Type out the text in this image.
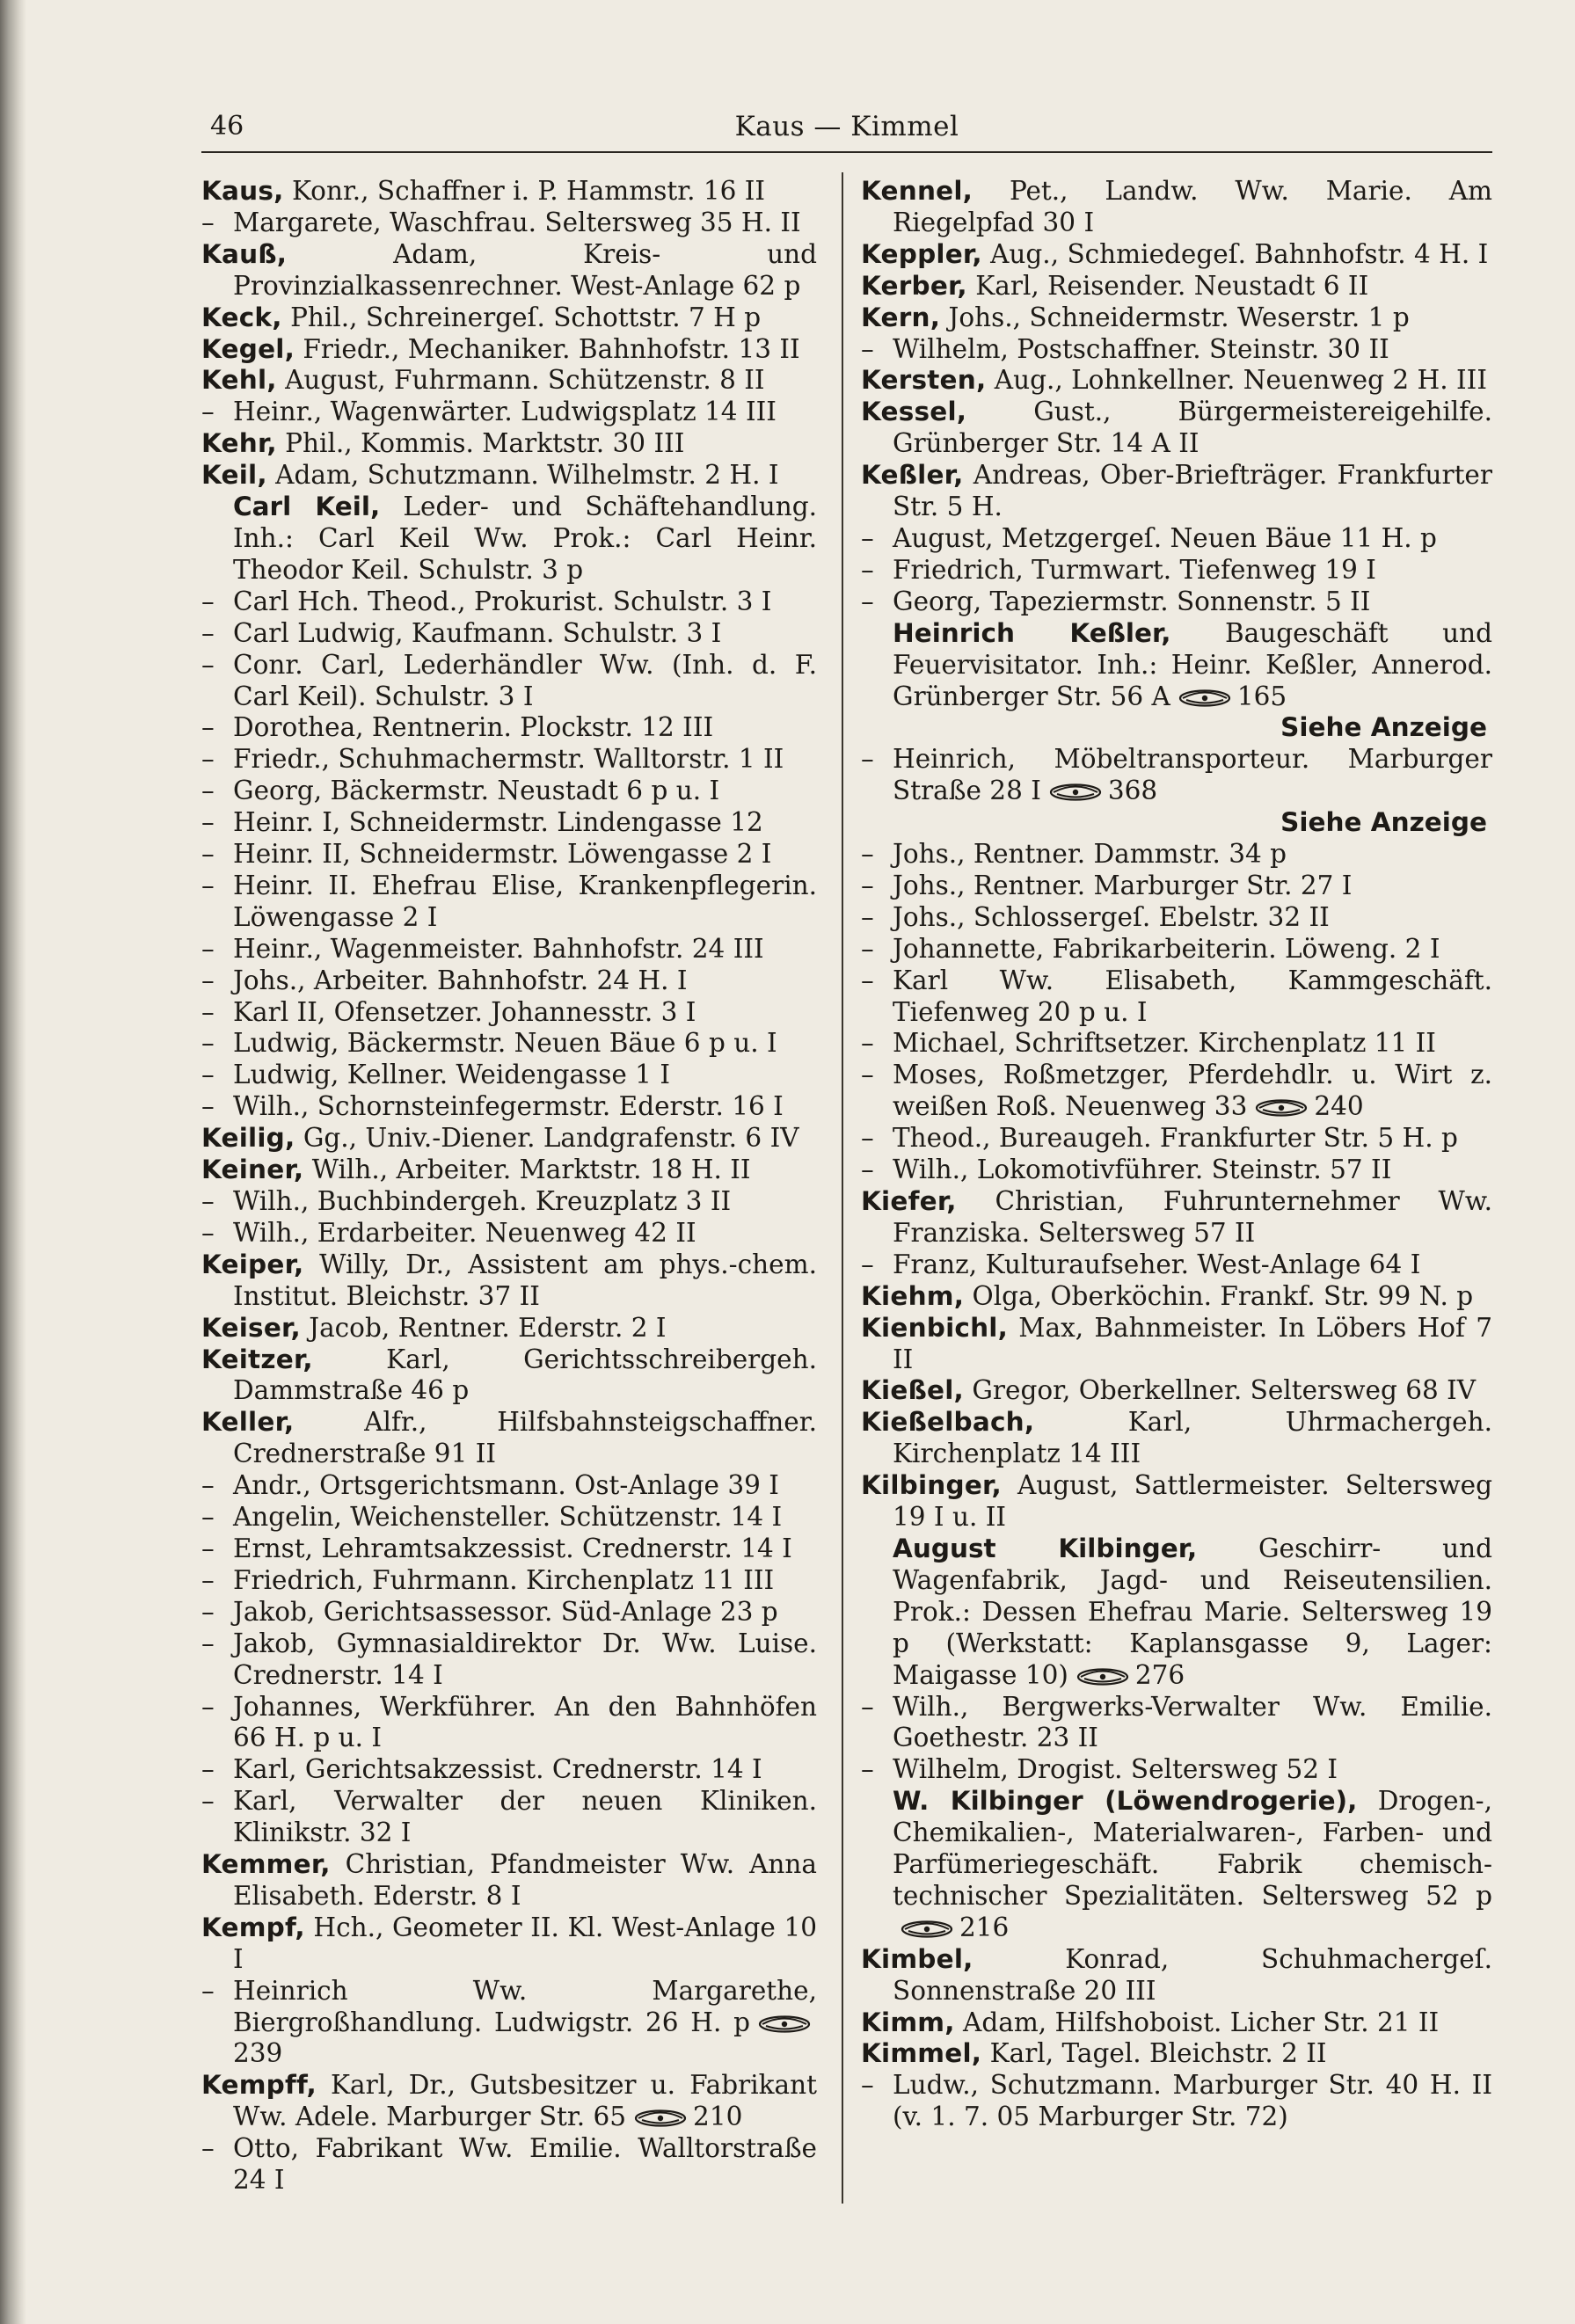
46	Kaus — Kimmel

Kaus, Konr., Schaffner i. P. Hammstr. 16 II

– Margarete, Waschfrau. Seltersweg 35 H. II

Kauß,	Adam, Kreis- und Provinzialkassenrechner. West-Anlage 62 p

Keck, Phil., Schreinergeſ. Schottstr. 7 H p

Kegel, Friedr., Mechaniker. Bahnhofstr. 13 II

Kehl, August, Fuhrmann. Schützenstr. 8 II

– Heinr., Wagenwärter. Ludwigsplatz 14 III

Kehr, Phil., Kommis. Marktstr. 30 III

Keil, Adam, Schutzmann. Wilhelmstr. 2 H. I

Carl Keil, Leder- und Schäftehandlung. Inh.: Carl Keil Ww. Prok.: Carl Heinr. Theodor Keil. Schulstr. 3 p

– Carl Hch. Theod., Prokurist. Schulstr. 3 I

– Carl Ludwig, Kaufmann. Schulstr. 3 I

– Conr. Carl, Lederhändler Ww. (Inh. d. F. Carl Keil). Schulstr. 3 I

– Dorothea, Rentnerin. Plockstr. 12 III

– Friedr., Schuhmachermstr. Walltorstr. 1 II

– Georg, Bäckermstr. Neustadt 6 p u. I

– Heinr. I, Schneidermstr. Lindengasse 12

– Heinr. II, Schneidermstr. Löwengasse 2 I

– Heinr. II. Ehefrau Elise, Krankenpflegerin. Löwengasse 2 I

– Heinr., Wagenmeister. Bahnhofstr. 24 III

– Johs., Arbeiter. Bahnhofstr. 24 H. I

– Karl II, Ofensetzer. Johannesstr. 3 I

– Ludwig, Bäckermstr. Neuen Bäue 6 p u. I

– Ludwig, Kellner. Weidengasse 1 I

– Wilh., Schornsteinfegermstr. Ederstr. 16 I

Keilig, Gg., Univ.-Diener. Landgrafenstr. 6 IV

Keiner, Wilh., Arbeiter. Marktstr. 18 H. II

– Wilh., Buchbindergeh. Kreuzplatz 3 II

– Wilh., Erdarbeiter. Neuenweg 42 II

Keiper, Willy, Dr., Assistent am phys.-chem. Institut. Bleichstr. 37 II

Keiser, Jacob, Rentner. Ederstr. 2 I

Keitzer,	Karl, Gerichtsschreibergeh. Dammstraße 46 p

Keller,	Alfr., Hilfsbahnsteigschaffner. Crednerstraße 91 II

– Andr., Ortsgerichtsmann. Ost-Anlage 39 I

– Angelin, Weichensteller. Schützenstr. 14 I

– Ernst, Lehramtsakzessist. Crednerstr. 14 I

– Friedrich, Fuhrmann. Kirchenplatz 11 III

– Jakob, Gerichtsassessor. Süd-Anlage 23 p

– Jakob, Gymnasialdirektor Dr. Ww. Luise. Crednerstr. 14 I

– Johannes, Werkführer. An den Bahnhöfen 66 H. p u. I

– Karl, Gerichtsakzessist. Crednerstr. 14 I

– Karl, Verwalter der neuen Kliniken. Klinikstr. 32 I

Kemmer, Christian, Pfandmeister Ww. Anna Elisabeth. Ederstr. 8 I

Kempf, Hch., Geometer II. Kl. West-Anlage 10 I

– Heinrich Ww. Margarethe, Biergroßhandlung. Ludwigstr. 26 H. p239

Kempff, Karl, Dr., Gutsbesitzer u. Fabrikant Ww. Adele. Marburger Str. 65	210

– Otto, Fabrikant Ww. Emilie. Walltorstraße 24 I

Kennel, Pet., Landw. Ww. Marie. Am Riegelpfad 30 I

Keppler, Aug., Schmiedegeſ. Bahnhofstr. 4 H. I

Kerber, Karl, Reisender. Neustadt 6 II

Kern, Johs., Schneidermstr. Weserstr. 1 p

– Wilhelm, Postschaffner. Steinstr. 30 II

Kersten, Aug., Lohnkellner. Neuenweg 2 H. III

Kessel,	Gust., Bürgermeistereigehilfe. Grünberger Str. 14 A II

Keßler, Andreas, Ober-Briefträger. Frankfurter Str. 5 H.

– August, Metzgergeſ. Neuen Bäue 11 H. p

– Friedrich, Turmwart. Tiefenweg 19 I

– Georg, Tapeziermstr. Sonnenstr. 5 II

Heinrich Keßler, Baugeschäft und Feuervisitator. Inh.: Heinr. Keßler, Annerod. Grünberger Str. 56 A	165

Siehe Anzeige

– Heinrich, Möbeltransporteur. Marburger Straße 28 I	368

Siehe Anzeige

– Johs., Rentner. Dammstr. 34 p

– Johs., Rentner. Marburger Str. 27 I

– Johs., Schlossergeſ. Ebelstr. 32 II

– Johannette, Fabrikarbeiterin. Löweng. 2 I

– Karl Ww. Elisabeth, Kammgeschäft. Tiefenweg 20 p u. I

– Michael, Schriftsetzer. Kirchenplatz 11 II

– Moses, Roßmetzger, Pferdehdlr. u. Wirt z. weißen Roß. Neuenweg 33	240

– Theod., Bureaugeh. Frankfurter Str. 5 H. p

– Wilh., Lokomotivführer. Steinstr. 57 II

Kiefer, Christian, Fuhrunternehmer Ww. Franziska. Seltersweg 57 II

– Franz, Kulturaufseher. West-Anlage 64 I

Kiehm, Olga, Oberköchin. Frankf. Str. 99 N. p

Kienbichl, Max, Bahnmeister. In Löbers Hof 7 II

Kießel, Gregor, Oberkellner. Seltersweg 68 IV

Kießelbach,	Karl, Uhrmachergeh. Kirchenplatz 14 III

Kilbinger, August, Sattlermeister. Seltersweg 19 I u. II

August Kilbinger, Geschirr- und Wagenfabrik, Jagd- und Reiseutensilien. Prok.: Dessen Ehefrau Marie. Seltersweg 19 p (Werkstatt: Kaplansgasse 9, Lager: Maigasse 10)	276

– Wilh., Bergwerks-Verwalter Ww. Emilie. Goethestr. 23 II

– Wilhelm, Drogist. Seltersweg 52 I

W. Kilbinger (Löwendrogerie), Drogen-, Chemikalien-, Materialwaren-, Farben- und Parfümeriegeschäft. Fabrik chemisch-technischer Spezialitäten. Seltersweg 52 p216

Kimbel,	Konrad, Schuhmachergeſ. Sonnenstraße 20 III

Kimm, Adam, Hilfshoboist. Licher Str. 21 II

Kimmel, Karl, Tagel. Bleichstr. 2 II

– Ludw., Schutzmann. Marburger Str. 40 H. II (v. 1. 7. 05 Marburger Str. 72)
